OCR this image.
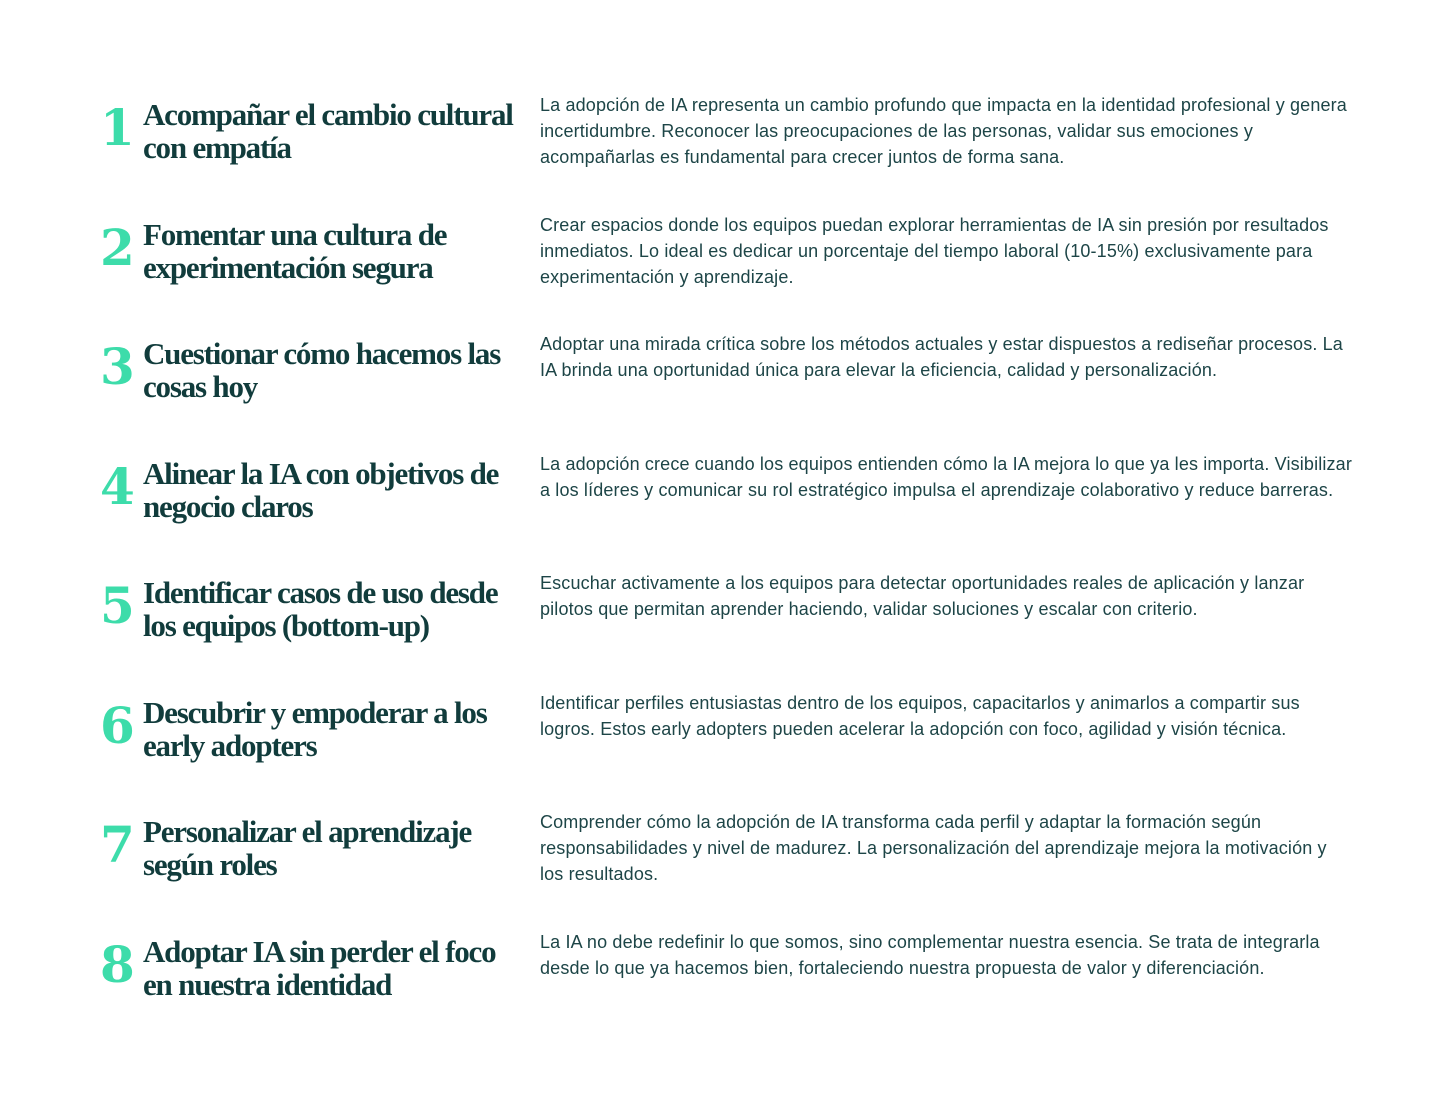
1 Acompañar el cambio cultural con empatía
La adopción de IA representa un cambio profundo que impacta en la identidad profesional y genera incertidumbre. Reconocer las preocupaciones de las personas, validar sus emociones y acompañarlas es fundamental para crecer juntos de forma sana.
2 Fomentar una cultura de experimentación segura
Crear espacios donde los equipos puedan explorar herramientas de IA sin presión por resultados inmediatos. Lo ideal es dedicar un porcentaje del tiempo laboral (10-15%) exclusivamente para experimentación y aprendizaje.
3 Cuestionar cómo hacemos las cosas hoy
Adoptar una mirada crítica sobre los métodos actuales y estar dispuestos a rediseñar procesos. La IA brinda una oportunidad única para elevar la eficiencia, calidad y personalización.
4 Alinear la IA con objetivos de negocio claros
La adopción crece cuando los equipos entienden cómo la IA mejora lo que ya les importa. Visibilizar a los líderes y comunicar su rol estratégico impulsa el aprendizaje colaborativo y reduce barreras.
5 Identificar casos de uso desde los equipos (bottom-up)
Escuchar activamente a los equipos para detectar oportunidades reales de aplicación y lanzar pilotos que permitan aprender haciendo, validar soluciones y escalar con criterio.
6 Descubrir y empoderar a los early adopters
Identificar perfiles entusiastas dentro de los equipos, capacitarlos y animarlos a compartir sus logros. Estos early adopters pueden acelerar la adopción con foco, agilidad y visión técnica.
7 Personalizar el aprendizaje según roles
Comprender cómo la adopción de IA transforma cada perfil y adaptar la formación según responsabilidades y nivel de madurez. La personalización del aprendizaje mejora la motivación y los resultados.
8 Adoptar IA sin perder el foco en nuestra identidad
La IA no debe redefinir lo que somos, sino complementar nuestra esencia. Se trata de integrarla desde lo que ya hacemos bien, fortaleciendo nuestra propuesta de valor y diferenciación.
